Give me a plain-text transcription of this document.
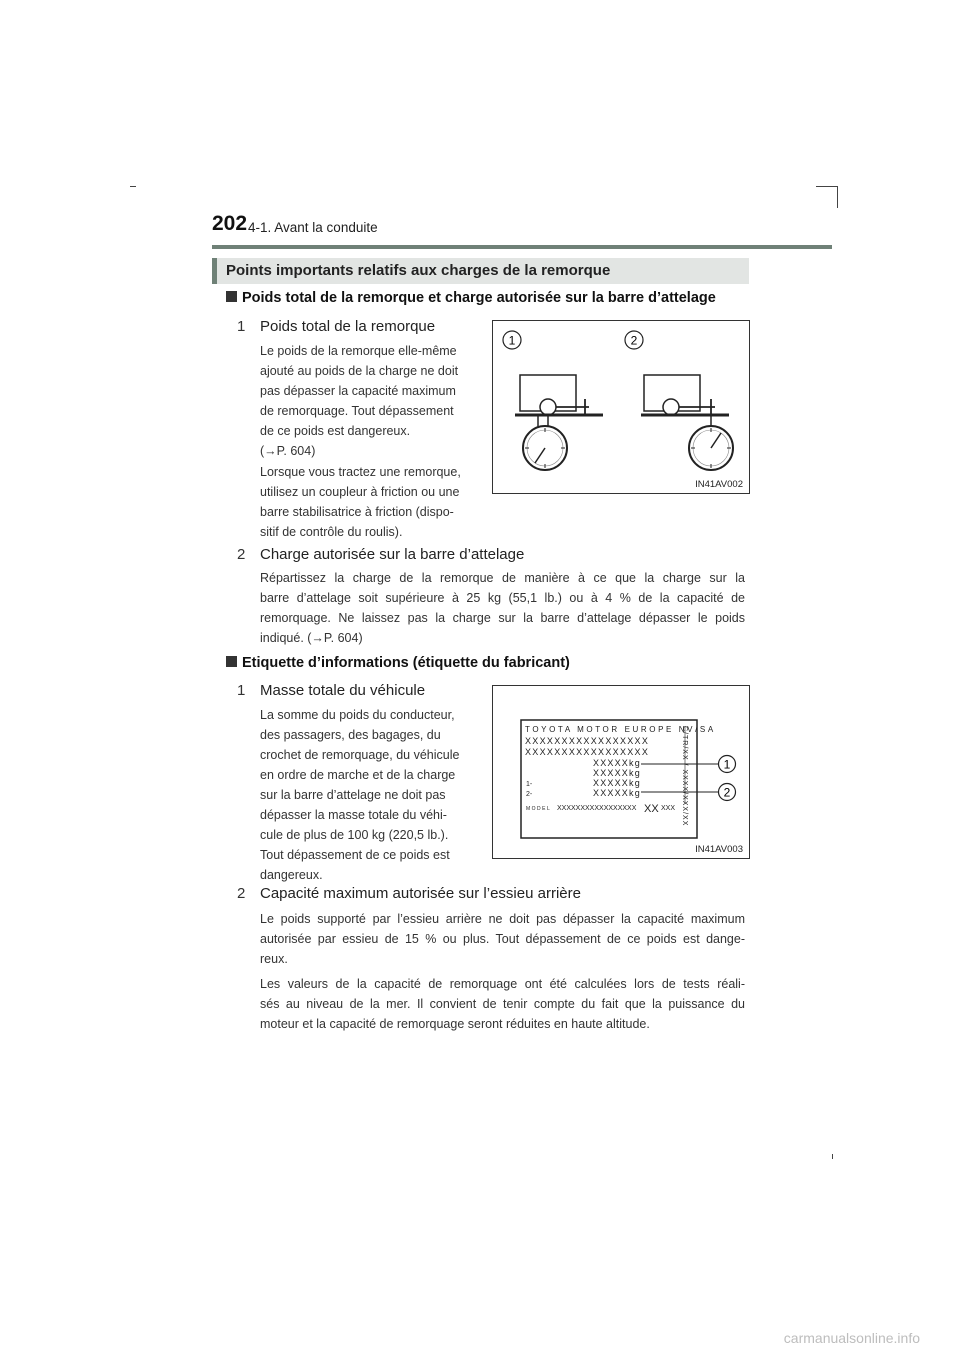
202 4-1. Avant la conduite
Points importants relatifs aux charges de la remorque
Poids total de la remorque et charge autorisée sur la barre d’attelage
1 Poids total de la remorque
Le poids de la remorque elle-même
ajouté au poids de la charge ne doit
pas dépasser la capacité maximum
de remorquage. Tout dépassement
de ce poids est dangereux.
(→P. 604)
Lorsque vous tractez une remorque,
utilisez un coupleur à friction ou une
barre stabilisatrice à friction (dispo-
sitif de contrôle du roulis).
1	2
IN41AV002
2 Charge autorisée sur la barre d’attelage
Répartissez la charge de la remorque de manière à ce que la charge sur la
barre d’attelage soit supérieure à 25 kg (55,1 lb.) ou à 4 % de la capacité de
remorquage. Ne laissez pas la charge sur la barre d’attelage dépasser le poids
indiqué. (→P. 604)
Etiquette d’informations (étiquette du fabricant)
1 Masse totale du véhicule
La somme du poids du conducteur,
des passagers, des bagages, du
crochet de remorquage, du véhicule
en ordre de marche et de la charge
sur la barre d’attelage ne doit pas
dépasser la masse totale du véhi-
cule de plus de 100 kg (220,5 lb.).
Tout dépassement de ce poids est
dangereux.
TOYOTA MOTOR EUROPE NV/SA
XXXXXXXXXXXXXXXXX
XXXXXXXXXXXXXXXXX
XXXXXkg
XXXXXkg
1-	XXXXXkg
2-	XXXXXkg
MODEL XXXXXXXXXXXXXXXXX XX XXX C/TR/XX / XXXX/XXX/XX	1
2
IN41AV003
2 Capacité maximum autorisée sur l’essieu arrière
Le poids supporté par l’essieu arrière ne doit pas dépasser la capacité maximum
autorisée par essieu de 15 % ou plus. Tout dépassement de ce poids est dange-
reux.
Les valeurs de la capacité de remorquage ont été calculées lors de tests réali-
sés au niveau de la mer. Il convient de tenir compte du fait que la puissance du
moteur et la capacité de remorquage seront réduites en haute altitude.
carmanualsonline.info
